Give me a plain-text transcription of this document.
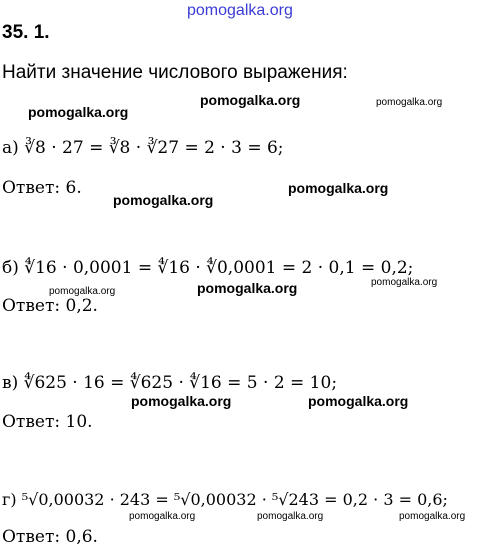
pomogalka.org
35. 1.
Найти значение числового выражения:
pomogalka.org
pomogalka.org	pomogalka.org
а) ∛8 · 27 = ∛8 · ∛27 = 2 · 3 = 6;
Ответ: 6.	pomogalka.org
pomogalka.org
б) ∜16 · 0,0001 = ∜16 · ∜0,0001 = 2 · 0,1 = 0,2;
pomogalka.org	pomogalka.org	pomogalka.org
Ответ: 0,2.
в) ∜625 · 16 = ∜625 · ∜16 = 5 · 2 = 10;
pomogalka.org	pomogalka.org
Ответ: 10.
г) ⁵√0,00032 · 243 = ⁵√0,00032 · ⁵√243 = 0,2 · 3 = 0,6;
pomogalka.org	pomogalka.org	pomogalka.org
Ответ: 0,6.
